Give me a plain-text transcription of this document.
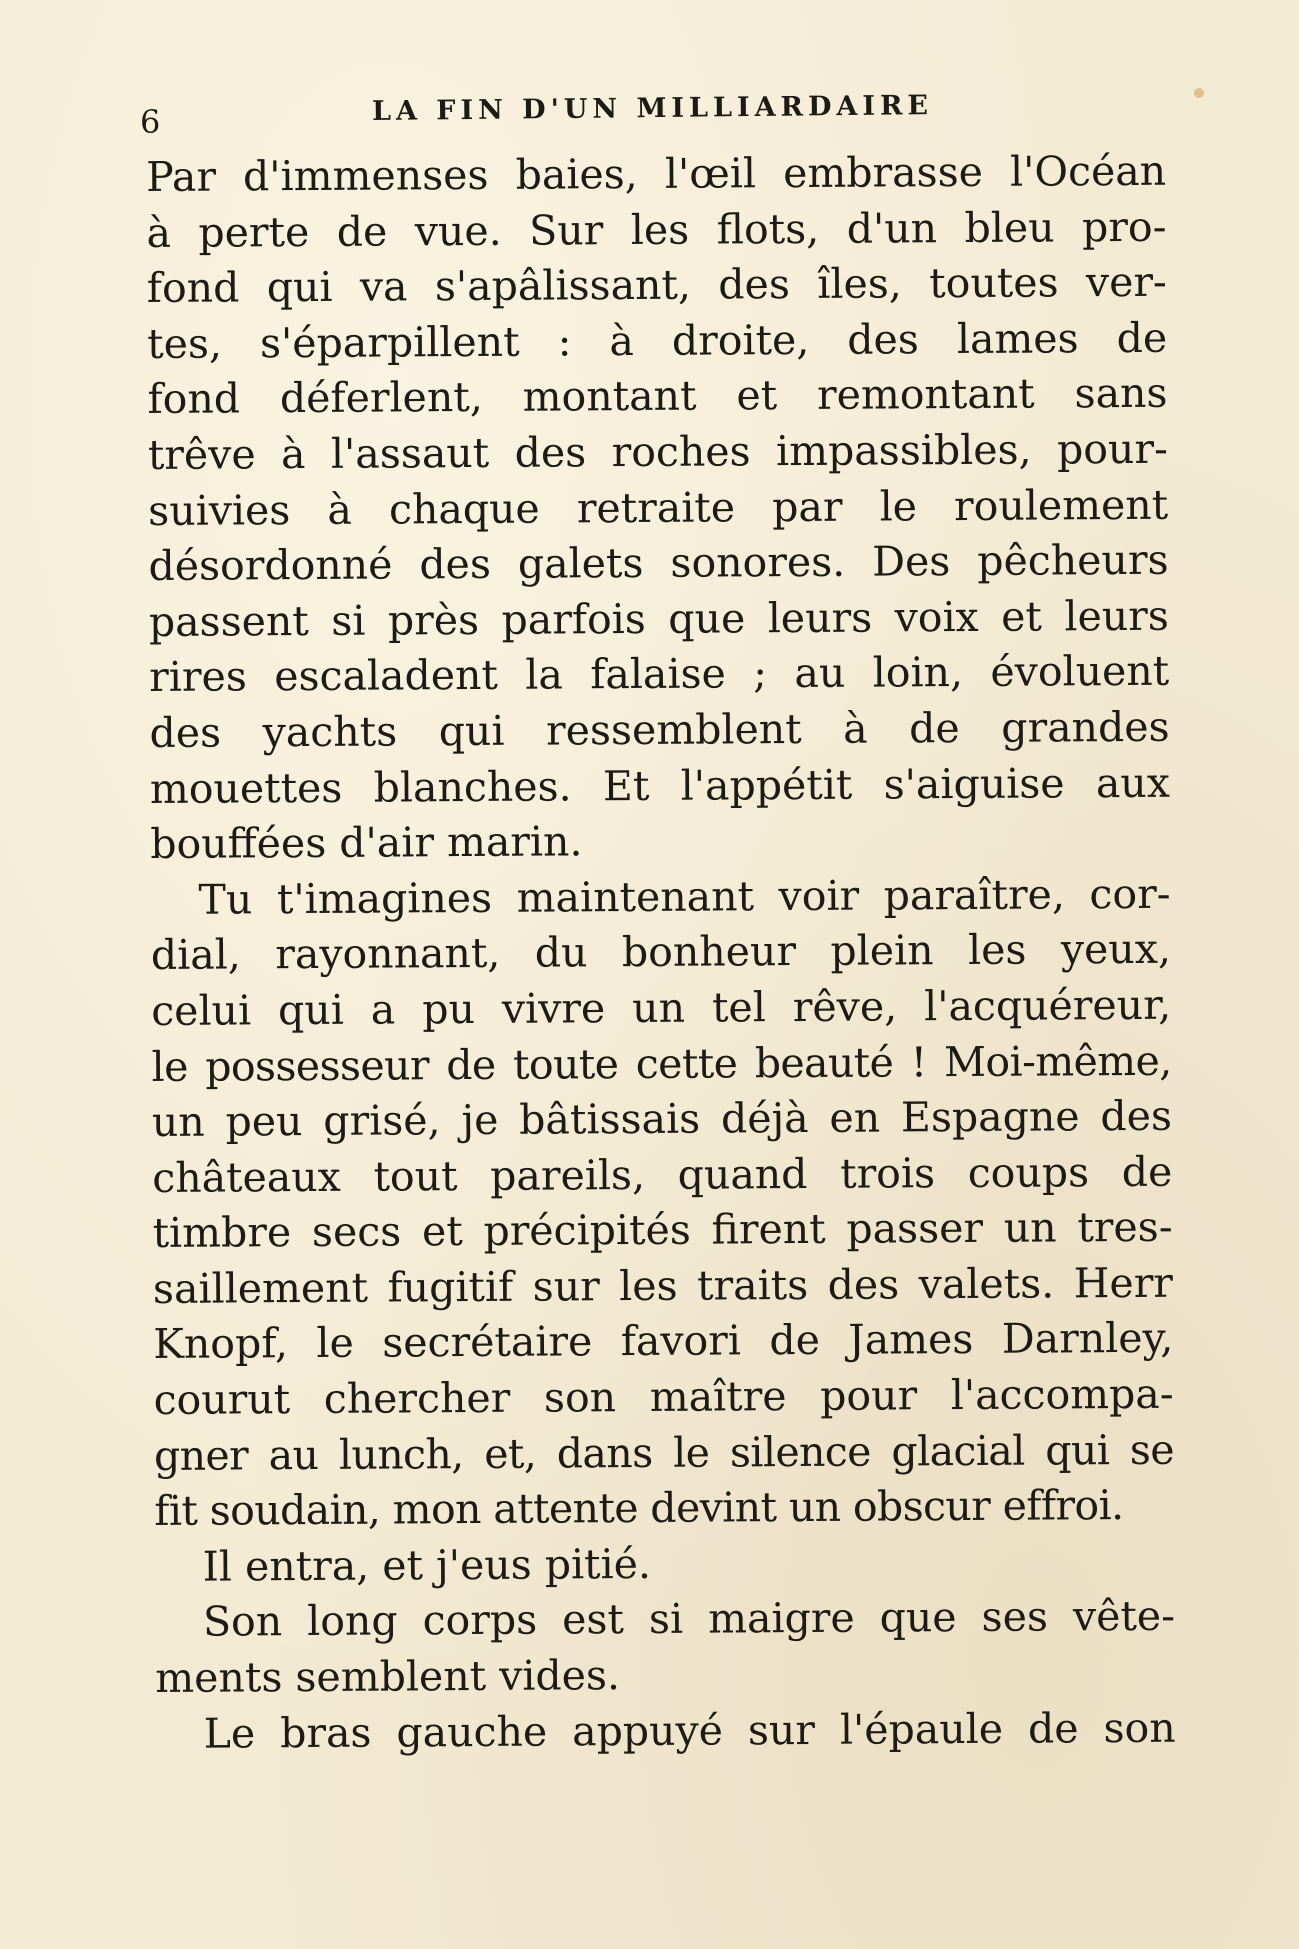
6	LA FIN D'UN MILLIARDAIRE
Par d'immenses baies, l'œil embrasse l'Océan
à perte de vue. Sur les flots, d'un bleu pro-
fond qui va s'apâlissant, des îles, toutes ver-
tes, s'éparpillent : à droite, des lames de
fond déferlent, montant et remontant sans
trêve à l'assaut des roches impassibles, pour-
suivies à chaque retraite par le roulement
désordonné des galets sonores. Des pêcheurs
passent si près parfois que leurs voix et leurs
rires escaladent la falaise ; au loin, évoluent
des yachts qui ressemblent à de grandes
mouettes blanches. Et l'appétit s'aiguise aux
bouffées d'air marin.
Tu t'imagines maintenant voir paraître, cor-
dial, rayonnant, du bonheur plein les yeux,
celui qui a pu vivre un tel rêve, l'acquéreur,
le possesseur de toute cette beauté ! Moi-même,
un peu grisé, je bâtissais déjà en Espagne des
châteaux tout pareils, quand trois coups de
timbre secs et précipités firent passer un tres-
saillement fugitif sur les traits des valets. Herr
Knopf, le secrétaire favori de James Darnley,
courut chercher son maître pour l'accompa-
gner au lunch, et, dans le silence glacial qui se
fit soudain, mon attente devint un obscur effroi.
Il entra, et j'eus pitié.
Son long corps est si maigre que ses vête-
ments semblent vides.
Le bras gauche appuyé sur l'épaule de son
